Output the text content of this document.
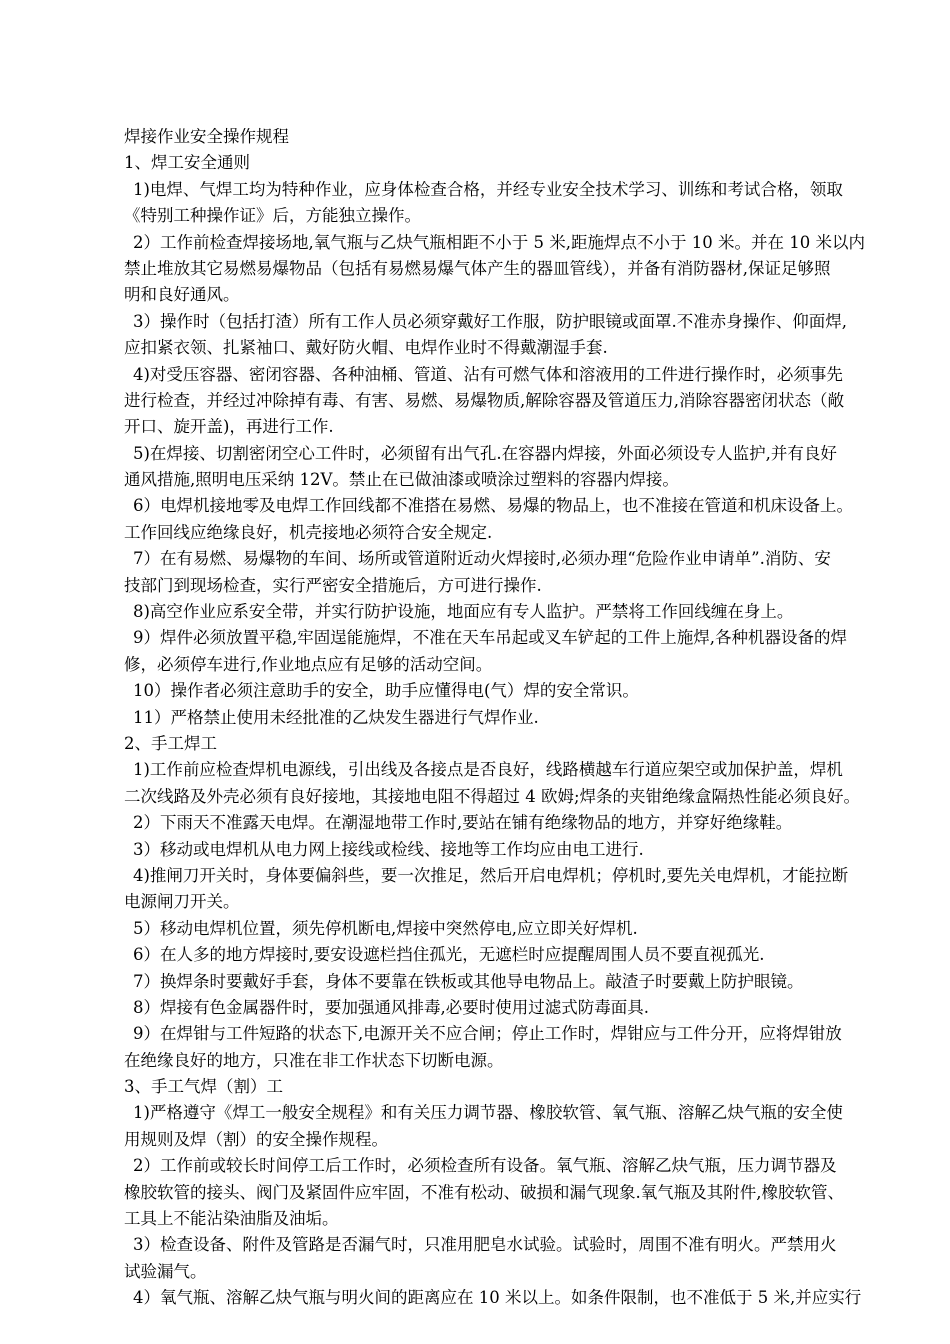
焊接作业安全操作规程
1、焊工安全通则
1)电焊、气焊工均为特种作业，应身体检查合格，并经专业安全技术学习、训练和考试合格，领取
《特别工种操作证》后，方能独立操作。
2）工作前检查焊接场地,氧气瓶与乙炔气瓶相距不小于 5 米,距施焊点不小于 10 米。并在 10 米以内
禁止堆放其它易燃易爆物品（包括有易燃易爆气体产生的器皿管线），并备有消防器材,保证足够照
明和良好通风。
3）操作时（包括打渣）所有工作人员必须穿戴好工作服，防护眼镜或面罩.不准赤身操作、仰面焊,
应扣紧衣领、扎紧袖口、戴好防火帽、电焊作业时不得戴潮湿手套.
4)对受压容器、密闭容器、各种油桶、管道、沾有可燃气体和溶液用的工件进行操作时，必须事先
进行检查，并经过冲除掉有毒、有害、易燃、易爆物质,解除容器及管道压力,消除容器密闭状态（敞
开口、旋开盖)，再进行工作.
5)在焊接、切割密闭空心工件时，必须留有出气孔.在容器内焊接，外面必须设专人监护,并有良好
通风措施,照明电压采纳 12V。禁止在已做油漆或喷涂过塑料的容器内焊接。
6）电焊机接地零及电焊工作回线都不准搭在易燃、易爆的物品上，也不准接在管道和机床设备上。
工作回线应绝缘良好，机壳接地必须符合安全规定.
7）在有易燃、易爆物的车间、场所或管道附近动火焊接时,必须办理“危险作业申请单”.消防、安
技部门到现场检查，实行严密安全措施后，方可进行操作.
8)高空作业应系安全带，并实行防护设施，地面应有专人监护。严禁将工作回线缠在身上。
9）焊件必须放置平稳,牢固逞能施焊，不准在天车吊起或叉车铲起的工件上施焊,各种机器设备的焊
修，必须停车进行,作业地点应有足够的活动空间。
10）操作者必须注意助手的安全，助手应懂得电(气）焊的安全常识。
11）严格禁止使用未经批准的乙炔发生器进行气焊作业.
2、手工焊工
1)工作前应检查焊机电源线，引出线及各接点是否良好，线路横越车行道应架空或加保护盖，焊机
二次线路及外壳必须有良好接地，其接地电阻不得超过 4 欧姆;焊条的夹钳绝缘盒隔热性能必须良好。
2）下雨天不准露天电焊。在潮湿地带工作时,要站在铺有绝缘物品的地方，并穿好绝缘鞋。
3）移动或电焊机从电力网上接线或检线、接地等工作均应由电工进行.
4)推闸刀开关时，身体要偏斜些，要一次推足，然后开启电焊机；停机时,要先关电焊机，才能拉断
电源闸刀开关。
5）移动电焊机位置，须先停机断电,焊接中突然停电,应立即关好焊机.
6）在人多的地方焊接时,要安设遮栏挡住孤光，无遮栏时应提醒周围人员不要直视孤光.
7）换焊条时要戴好手套，身体不要靠在铁板或其他导电物品上。敲渣子时要戴上防护眼镜。
8）焊接有色金属器件时，要加强通风排毒,必要时使用过滤式防毒面具.
9）在焊钳与工件短路的状态下,电源开关不应合闸；停止工作时，焊钳应与工件分开，应将焊钳放
在绝缘良好的地方，只准在非工作状态下切断电源。
3、手工气焊（割）工
1)严格遵守《焊工一般安全规程》和有关压力调节器、橡胶软管、氧气瓶、溶解乙炔气瓶的安全使
用规则及焊（割）的安全操作规程。
2）工作前或较长时间停工后工作时，必须检查所有设备。氧气瓶、溶解乙炔气瓶，压力调节器及
橡胶软管的接头、阀门及紧固件应牢固，不准有松动、破损和漏气现象.氧气瓶及其附件,橡胶软管、
工具上不能沾染油脂及油垢。
3）检查设备、附件及管路是否漏气时，只准用肥皂水试验。试验时，周围不准有明火。严禁用火
试验漏气。
4）氧气瓶、溶解乙炔气瓶与明火间的距离应在 10 米以上。如条件限制，也不准低于 5 米,并应实行
